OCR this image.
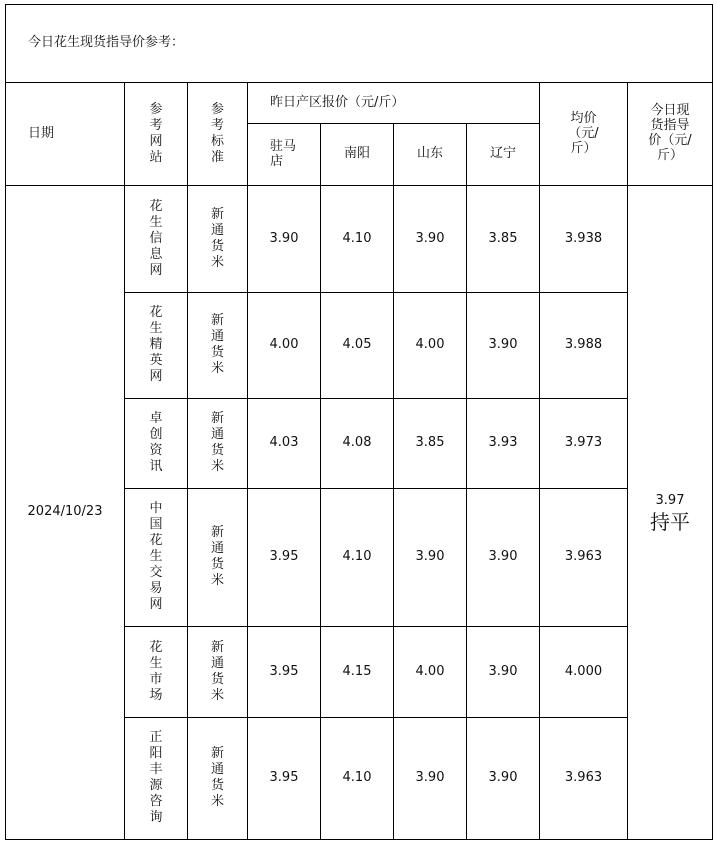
今日花生现货指导价参考：								
日期	参考网站	参考标准	昨日产区报价（元/斤）				均价（元/斤）	今日现货指导价（元/斤）
			驻马店	南阳	山东	辽宁		
2024/10/23	花生信息网	新通货米	3.90	4.10	3.90	3.85	3.938	3.97
持平

	花生精英网	新通货米	4.00	4.05	4.00	3.90	3.988	
	卓创资讯	新通货米	4.03	4.08	3.85	3.93	3.973	
	中国花生交易网	新通货米	3.95	4.10	3.90	3.90	3.963	
	花生市场	新通货米	3.95	4.15	4.00	3.90	4.000	
	正阳丰源咨询	新通货米	3.95	4.10	3.90	3.90	3.963	
